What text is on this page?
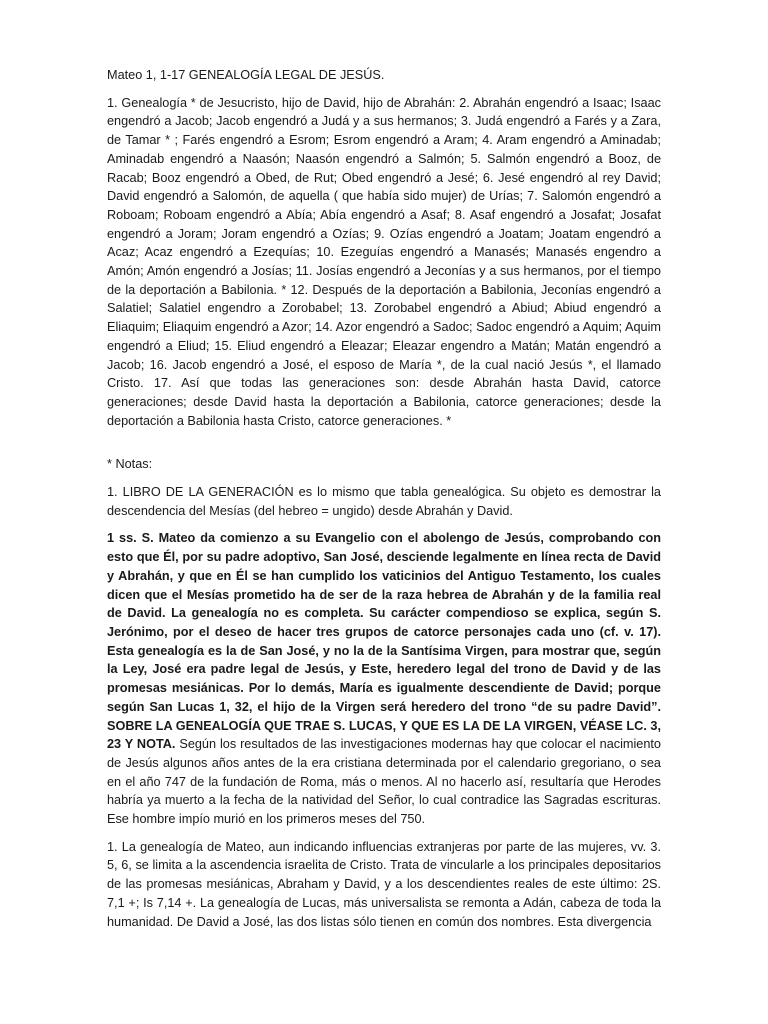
Mateo 1, 1-17 GENEALOGÍA LEGAL DE JESÚS.

1. Genealogía * de Jesucristo, hijo de David, hijo de Abrahán: 2. Abrahán engendró a Isaac; Isaac engendró a Jacob; Jacob engendró a Judá y a sus hermanos; 3. Judá engendró a Farés y a Zara, de Tamar * ; Farés engendró a Esrom; Esrom engendró a Aram; 4. Aram engendró a Aminadab; Aminadab engendró a Naasón; Naasón engendró a Salmón; 5. Salmón engendró a Booz, de Racab; Booz engendró a Obed, de Rut; Obed engendró a Jesé; 6. Jesé engendró al rey David; David engendró a Salomón, de aquella ( que había sido mujer) de Urías; 7. Salomón engendró a Roboam; Roboam engendró a Abía; Abía engendró a Asaf; 8. Asaf engendró a Josafat; Josafat engendró a Joram; Joram engendró a Ozías; 9. Ozías engendró a Joatam; Joatam engendró a Acaz; Acaz engendró a Ezequías; 10. Ezeguías engendró a Manasés; Manasés engendro a Amón; Amón engendró a Josías; 11. Josías engendró a Jeconías y a sus hermanos, por el tiempo de la deportación a Babilonia. * 12. Después de la deportación a Babilonia, Jeconías engendró a Salatiel; Salatiel engendro a Zorobabel; 13. Zorobabel engendró a Abiud; Abiud engendró a Eliaquim; Eliaquim engendró a Azor; 14. Azor engendró a Sadoc; Sadoc engendró a Aquim; Aquim engendró a Eliud; 15. Eliud engendró a Eleazar; Eleazar engendro a Matán; Matán engendró a Jacob; 16. Jacob engendró a José, el esposo de María *, de la cual nació Jesús *, el llamado Cristo. 17. Así que todas las generaciones son: desde Abrahán hasta David, catorce generaciones; desde David hasta la deportación a Babilonia, catorce generaciones; desde la deportación a Babilonia hasta Cristo, catorce generaciones. *

* Notas:

1. LIBRO DE LA GENERACIÓN es lo mismo que tabla genealógica. Su objeto es demostrar la descendencia del Mesías (del hebreo = ungido) desde Abrahán y David.

1 ss. S. Mateo da comienzo a su Evangelio con el abolengo de Jesús, comprobando con esto que Él, por su padre adoptivo, San José, desciende legalmente en línea recta de David y Abrahán, y que en Él se han cumplido los vaticinios del Antiguo Testamento, los cuales dicen que el Mesías prometido ha de ser de la raza hebrea de Abrahán y de la familia real de David. La genealogía no es completa. Su carácter compendioso se explica, según S. Jerónimo, por el deseo de hacer tres grupos de catorce personajes cada uno (cf. v. 17). Esta genealogía es la de San José, y no la de la Santísima Virgen, para mostrar que, según la Ley, José era padre legal de Jesús, y Este, heredero legal del trono de David y de las promesas mesiánicas. Por lo demás, María es igualmente descendiente de David; porque según San Lucas 1, 32, el hijo de la Virgen será heredero del trono “de su padre David”. SOBRE LA GENEALOGÍA QUE TRAE S. LUCAS, Y QUE ES LA DE LA VIRGEN, VÉASE LC. 3, 23 Y NOTA. Según los resultados de las investigaciones modernas hay que colocar el nacimiento de Jesús algunos años antes de la era cristiana determinada por el calendario gregoriano, o sea en el año 747 de la fundación de Roma, más o menos. Al no hacerlo así, resultaría que Herodes habría ya muerto a la fecha de la natividad del Señor, lo cual contradice las Sagradas escrituras. Ese hombre impío murió en los primeros meses del 750.

1. La genealogía de Mateo, aun indicando influencias extranjeras por parte de las mujeres, vv. 3. 5, 6, se limita a la ascendencia israelita de Cristo. Trata de vincularle a los principales depositarios de las promesas mesiánicas, Abraham y David, y a los descendientes reales de este último: 2S. 7,1 +; Is 7,14 +. La genealogía de Lucas, más universalista se remonta a Adán, cabeza de toda la humanidad. De David a José, las dos listas sólo tienen en común dos nombres. Esta divergencia
